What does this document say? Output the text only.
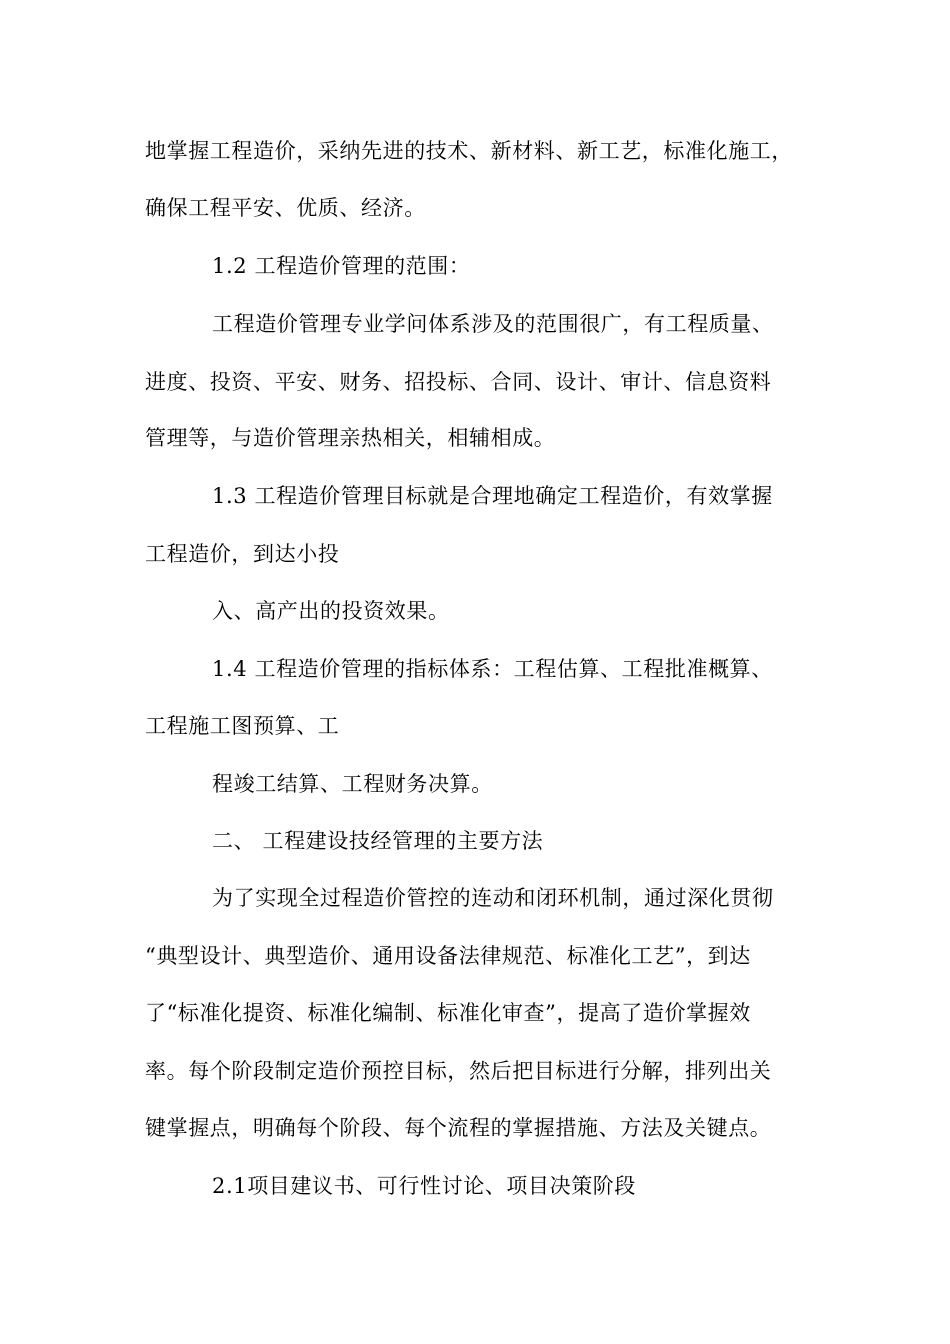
地掌握工程造价，采纳先进的技术、新材料、新工艺，标准化施工，
确保工程平安、优质、经济。
1.2 工程造价管理的范围：
工程造价管理专业学问体系涉及的范围很广，有工程质量、
进度、投资、平安、财务、招投标、合同、设计、审计、信息资料
管理等，与造价管理亲热相关，相辅相成。
1.3 工程造价管理目标就是合理地确定工程造价，有效掌握
工程造价，到达小投
入、高产出的投资效果。
1.4 工程造价管理的指标体系：工程估算、工程批准概算、
工程施工图预算、工
程竣工结算、工程财务决算。
二、 工程建设技经管理的主要方法
为了实现全过程造价管控的连动和闭环机制，通过深化贯彻
“典型设计、典型造价、通用设备法律规范、标准化工艺”，到达
了“标准化提资、标准化编制、标准化审查”，提高了造价掌握效
率。每个阶段制定造价预控目标，然后把目标进行分解，排列出关
键掌握点，明确每个阶段、每个流程的掌握措施、方法及关键点。
2.1项目建议书、可行性讨论、项目决策阶段
